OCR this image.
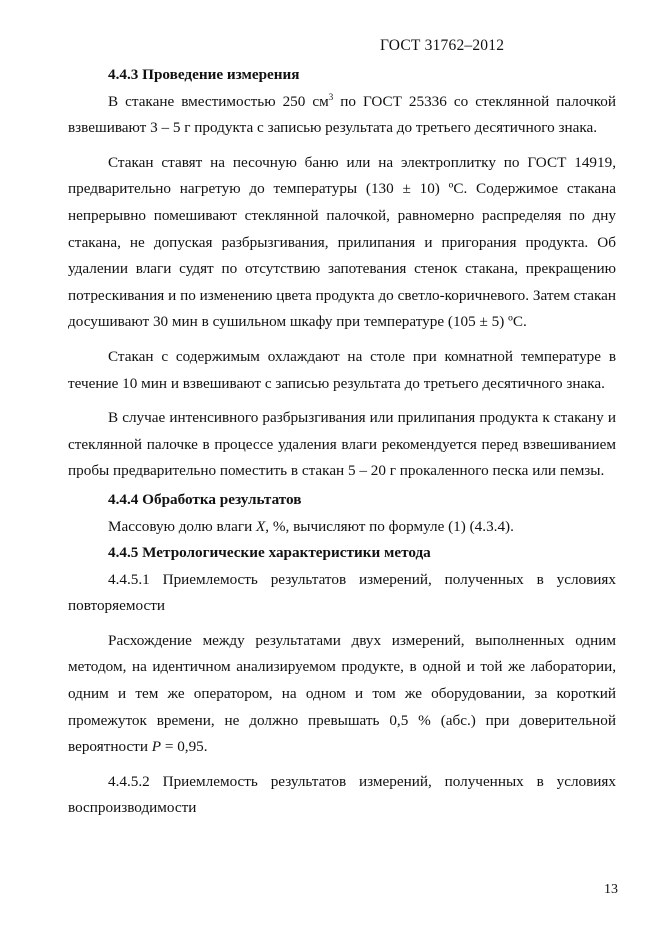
ГОСТ 31762–2012
4.4.3 Проведение измерения

В стакане вместимостью 250 $см^3$ по ГОСТ 25336 со стеклянной палочкой взвешивают 3 – 5 г продукта с записью результата до третьего десятичного знака.

Стакан ставят на песочную баню или на электроплитку по ГОСТ 14919, предварительно нагретую до температуры (130 ± 10) ºС. Содержимое стакана непрерывно помешивают стеклянной палочкой, равномерно распределяя по дну стакана, не допуская разбрызгивания, прилипания и пригорания продукта. Об удалении влаги судят по отсутствию запотевания стенок стакана, прекращению потрескивания и по изменению цвета продукта до светло-коричневого. Затем стакан досушивают 30 мин в сушильном шкафу при температуре (105 ± 5) ºС.

Стакан с содержимым охлаждают на столе при комнатной температуре в течение 10 мин и взвешивают с записью результата до третьего десятичного знака.

В случае интенсивного разбрызгивания или прилипания продукта к стакану и стеклянной палочке в процессе удаления влаги рекомендуется перед взвешиванием пробы предварительно поместить в стакан 5 – 20 г прокаленного песка или пемзы.

4.4.4 Обработка результатов

Массовую долю влаги X, %, вычисляют по формуле (1) (4.3.4).

4.4.5 Метрологические характеристики метода

4.4.5.1 Приемлемость результатов измерений, полученных в условиях повторяемости

Расхождение между результатами двух измерений, выполненных одним методом, на идентичном анализируемом продукте, в одной и той же лаборатории, одним и тем же оператором, на одном и том же оборудовании, за короткий промежуток времени, не должно превышать 0,5 % (абс.) при доверительной вероятности Р = 0,95.

4.4.5.2 Приемлемость результатов измерений, полученных в условиях воспроизводимости

13
